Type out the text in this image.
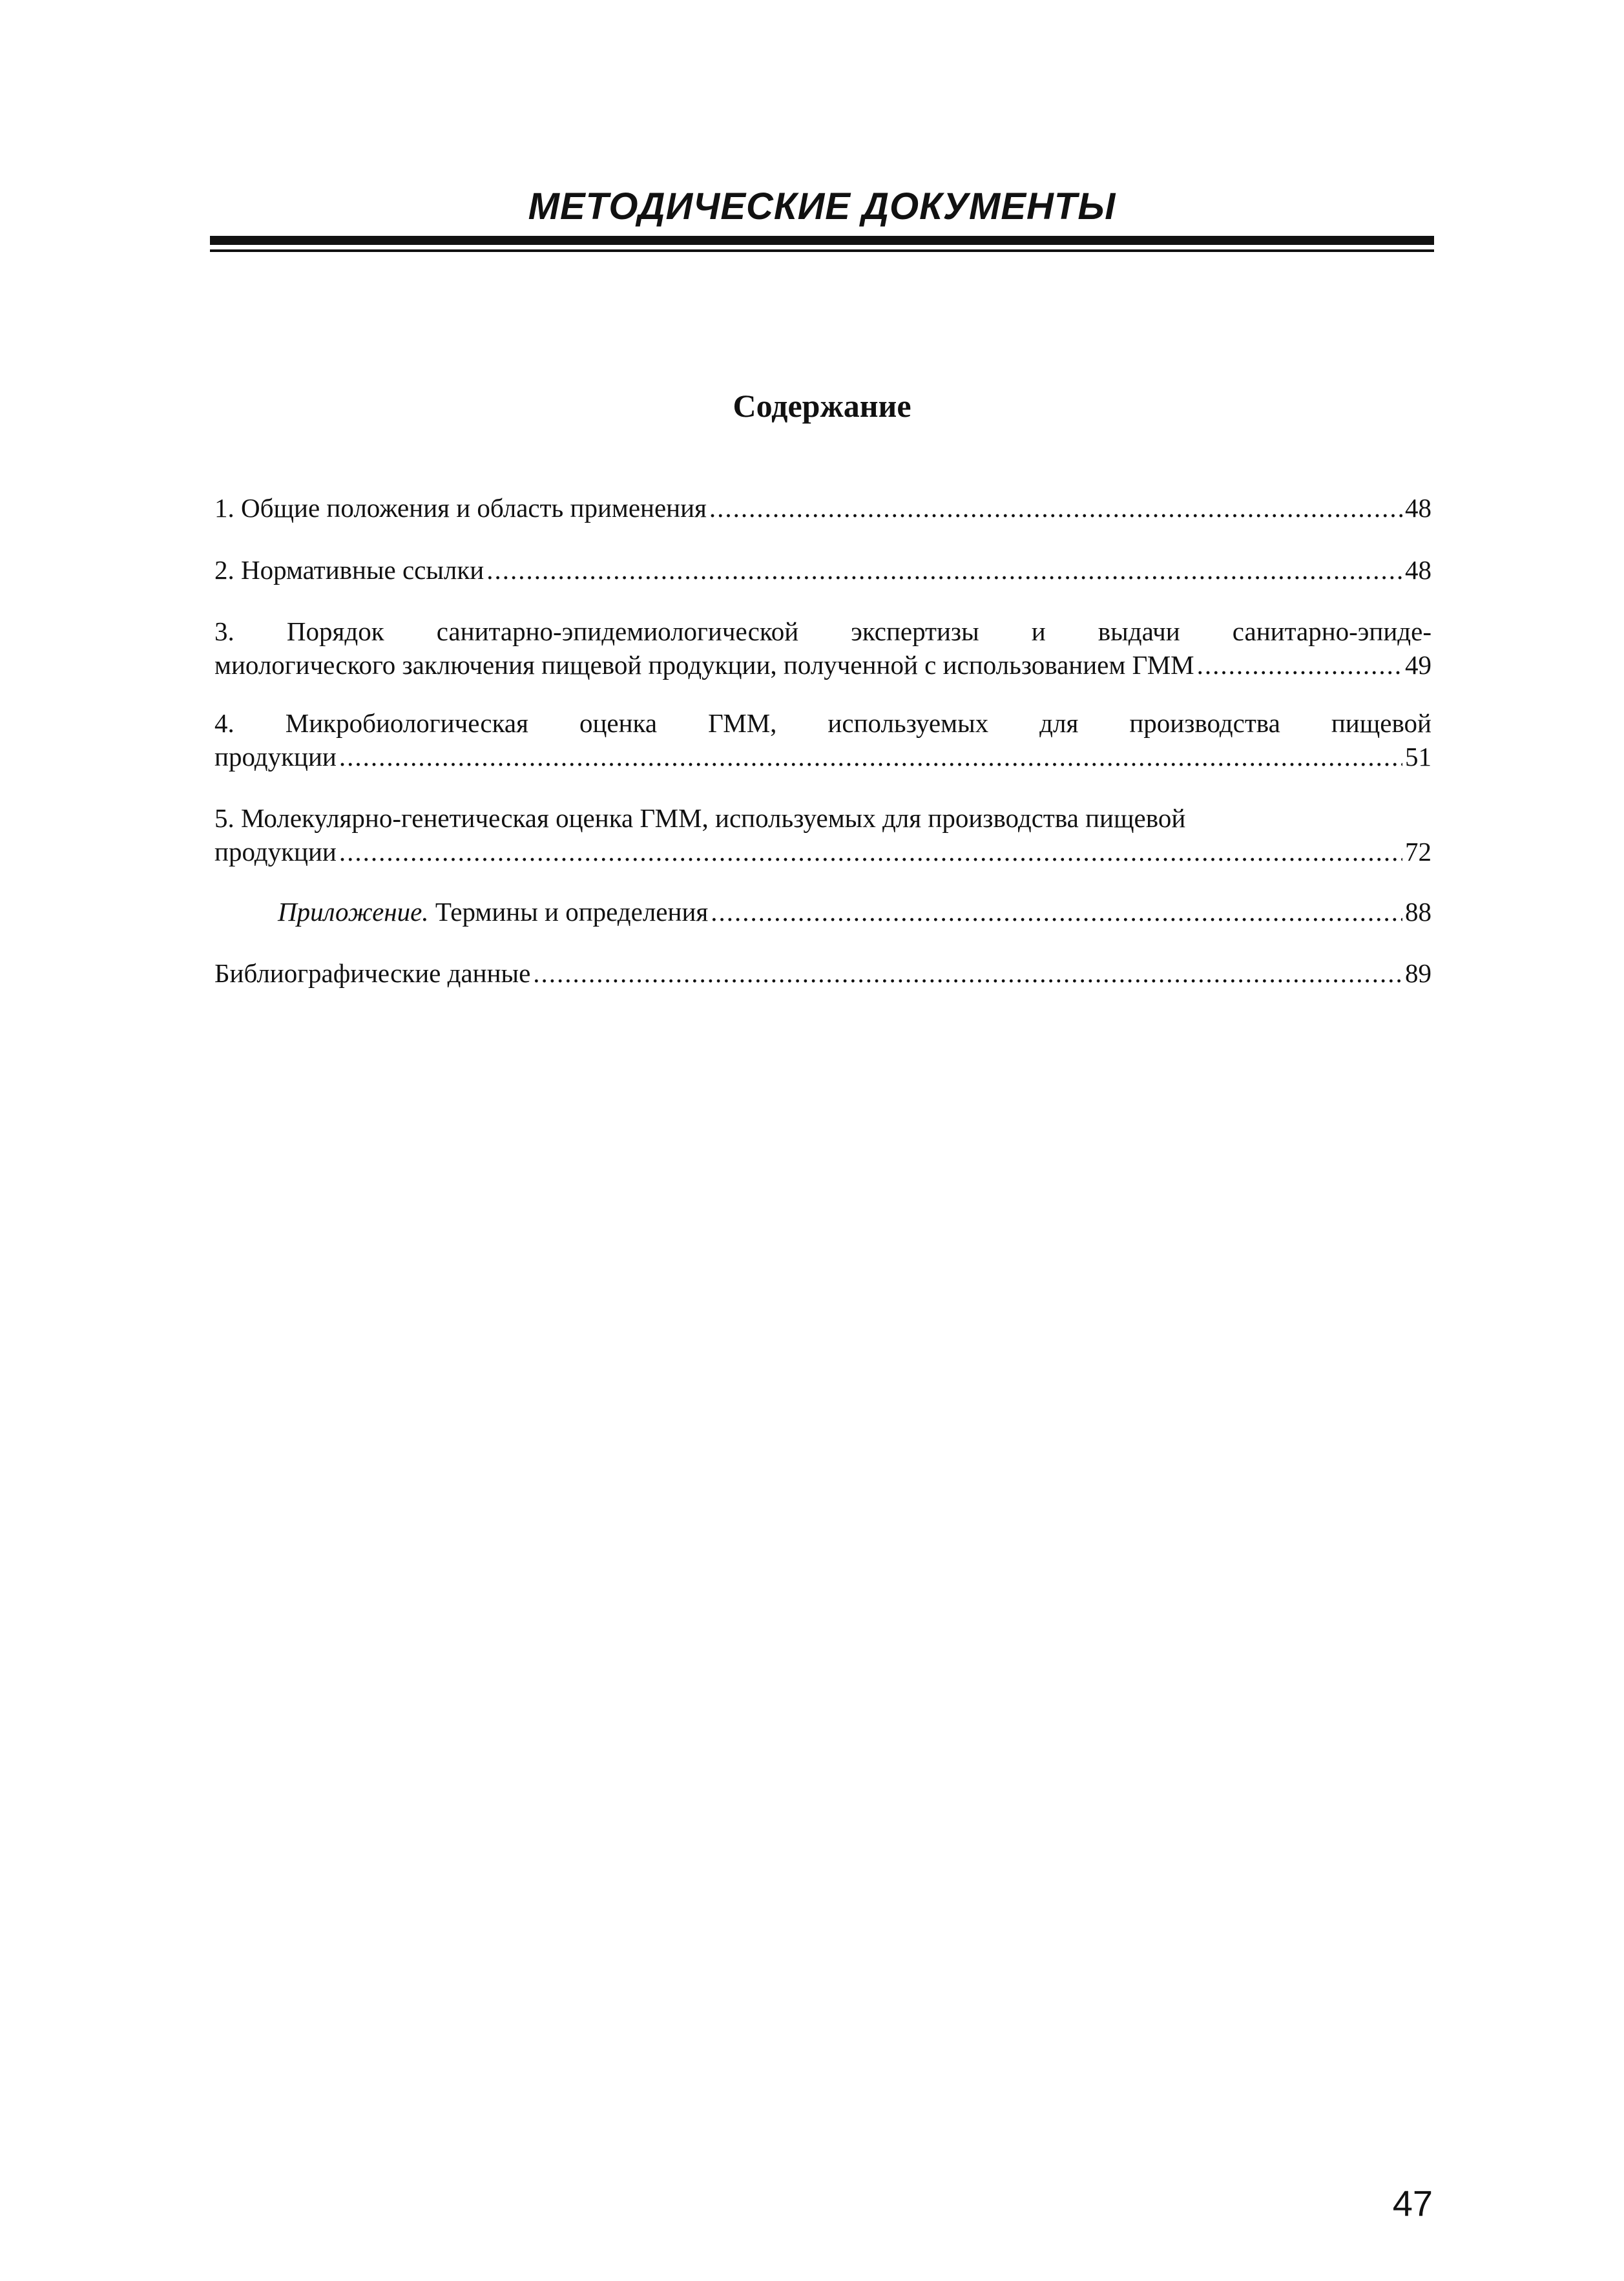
МЕТОДИЧЕСКИЕ ДОКУМЕНТЫ
Содержание
1. Общие положения и область применения .....	48
2. Нормативные ссылки .....	48
3. Порядок санитарно-эпидемиологической экспертизы и выдачи санитарно-эпиде-
миологического заключения пищевой продукции, полученной с использованием ГММ .....	49
4. Микробиологическая оценка ГММ, используемых для производства пищевой
продукции .....	51
5. Молекулярно-генетическая оценка ГММ, используемых для производства пищевой
продукции .....	72
Приложение. Термины и определения .....	88
Библиографические данные .....	89
47
